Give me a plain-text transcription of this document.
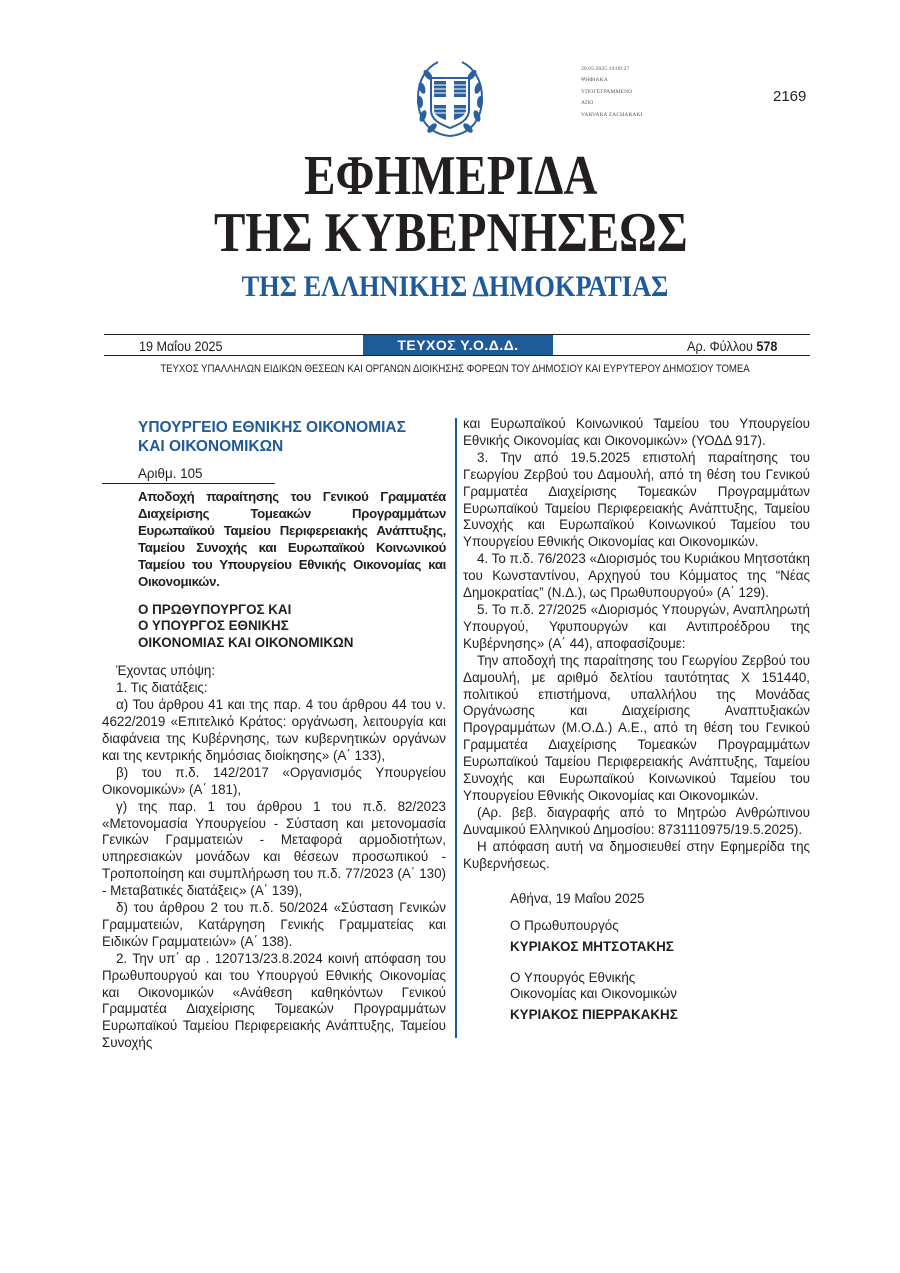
20.05.2025 19:09:27
ΨΗΦΙΑΚΑ
ΥΠΟΓΕΓΡΑΜΜΕΝΟ
ΑΠΟ
VARVARA ZACHARAKI
2169
ΕΦΗΜΕΡΙΔΑ
ΤΗΣ ΚΥΒΕΡΝΗΣΕΩΣ
ΤΗΣ ΕΛΛΗΝΙΚΗΣ ΔΗΜΟΚΡΑΤΙΑΣ
19 Μαΐου 2025	ΤΕΥΧΟΣ Υ.Ο.Δ.Δ.	Αρ. Φύλλου 578
ΤΕΥΧΟΣ ΥΠΑΛΛΗΛΩΝ ΕΙΔΙΚΩΝ ΘΕΣΕΩΝ ΚΑΙ ΟΡΓΑΝΩΝ ΔΙΟΙΚΗΣΗΣ ΦΟΡΕΩΝ ΤΟΥ ΔΗΜΟΣΙΟΥ ΚΑΙ ΕΥΡΥΤΕΡΟΥ ΔΗΜΟΣΙΟΥ ΤΟΜΕΑ
ΥΠΟΥΡΓΕΙΟ ΕΘΝΙΚΗΣ ΟΙΚΟΝΟΜΙΑΣ
ΚΑΙ ΟΙΚΟΝΟΜΙΚΩΝ
Αριθμ. 105
Αποδοχή παραίτησης του Γενικού Γραμματέα Διαχείρισης Τομεακών Προγραμμάτων Ευρωπαϊκού Ταμείου Περιφερειακής Ανάπτυξης, Ταμείου Συνοχής και Ευρωπαϊκού Κοινωνικού Ταμείου του Υπουργείου Εθνικής Οικονομίας και Οικονομικών.
Ο ΠΡΩΘΥΠΟΥΡΓΟΣ ΚΑΙ
Ο ΥΠΟΥΡΓΟΣ ΕΘΝΙΚΗΣ
ΟΙΚΟΝΟΜΙΑΣ ΚΑΙ ΟΙΚΟΝΟΜΙΚΩΝ

Έχοντας υπόψη:

1. Τις διατάξεις:

α) Του άρθρου 41 και της παρ. 4 του άρθρου 44 του ν. 4622/2019 «Επιτελικό Κράτος: οργάνωση, λειτουργία και διαφάνεια της Κυβέρνησης, των κυβερνητικών οργάνων και της κεντρικής δημόσιας διοίκησης» (Α΄ 133),

β) του π.δ. 142/2017 «Οργανισμός Υπουργείου Οικονομικών» (Α΄ 181),

γ) της παρ. 1 του άρθρου 1 του π.δ. 82/2023 «Μετονομασία Υπουργείου - Σύσταση και μετονομασία Γενικών Γραμματειών - Μεταφορά αρμοδιοτήτων, υπηρεσιακών μονάδων και θέσεων προσωπικού - Τροποποίηση και συμπλήρωση του π.δ. 77/2023 (Α΄ 130) - Μεταβατικές διατάξεις» (Α΄ 139),

δ) του άρθρου 2 του π.δ. 50/2024 «Σύσταση Γενικών Γραμματειών, Κατάργηση Γενικής Γραμματείας και Ειδικών Γραμματειών» (Α΄ 138).

2. Την υπ΄ αρ . 120713/23.8.2024 κοινή απόφαση του Πρωθυπουργού και του Υπουργού Εθνικής Οικονομίας και Οικονομικών «Ανάθεση καθηκόντων Γενικού Γραμματέα Διαχείρισης Τομεακών Προγραμμάτων Ευρωπαϊκού Ταμείου Περιφερειακής Ανάπτυξης, Ταμείου Συνοχής

και Ευρωπαϊκού Κοινωνικού Ταμείου του Υπουργείου Εθνικής Οικονομίας και Οικονομικών» (ΥΟΔΔ 917).

3. Την από 19.5.2025 επιστολή παραίτησης του Γεωργίου Ζερβού του Δαμουλή, από τη θέση του Γενικού Γραμματέα Διαχείρισης Τομεακών Προγραμμάτων Ευρωπαϊκού Ταμείου Περιφερειακής Ανάπτυξης, Ταμείου Συνοχής και Ευρωπαϊκού Κοινωνικού Ταμείου του Υπουργείου Εθνικής Οικονομίας και Οικονομικών.

4. Το π.δ. 76/2023 «Διορισμός του Κυριάκου Μητσοτάκη του Κωνσταντίνου, Αρχηγού του Κόμματος της “Νέας Δημοκρατίας” (Ν.Δ.), ως Πρωθυπουργού» (Α΄ 129).

5. Το π.δ. 27/2025 «Διορισμός Υπουργών, Αναπληρωτή Υπουργού, Υφυπουργών και Αντιπροέδρου της Κυβέρνησης» (Α΄ 44), αποφασίζουμε:

Την αποδοχή της παραίτησης του Γεωργίου Ζερβού του Δαμουλή, με αριθμό δελτίου ταυτότητας Χ 151440, πολιτικού επιστήμονα, υπαλλήλου της Μονάδας Οργάνωσης και Διαχείρισης Αναπτυξιακών Προγραμμάτων (Μ.Ο.Δ.) Α.Ε., από τη θέση του Γενικού Γραμματέα Διαχείρισης Τομεακών Προγραμμάτων Ευρωπαϊκού Ταμείου Περιφερειακής Ανάπτυξης, Ταμείου Συνοχής και Ευρωπαϊκού Κοινωνικού Ταμείου του Υπουργείου Εθνικής Οικονομίας και Οικονομικών.

(Αρ. βεβ. διαγραφής από το Μητρώο Ανθρώπινου Δυναμικού Ελληνικού Δημοσίου: 8731110975/19.5.2025).

Η απόφαση αυτή να δημοσιευθεί στην Εφημερίδα της Κυβερνήσεως.

Αθήνα, 19 Μαΐου 2025
Ο Πρωθυπουργός
ΚΥΡΙΑΚΟΣ ΜΗΤΣΟΤΑΚΗΣ
Ο Υπουργός Εθνικής
Οικονομίας και Οικονομικών
ΚΥΡΙΑΚΟΣ ΠΙΕΡΡΑΚΑΚΗΣ
